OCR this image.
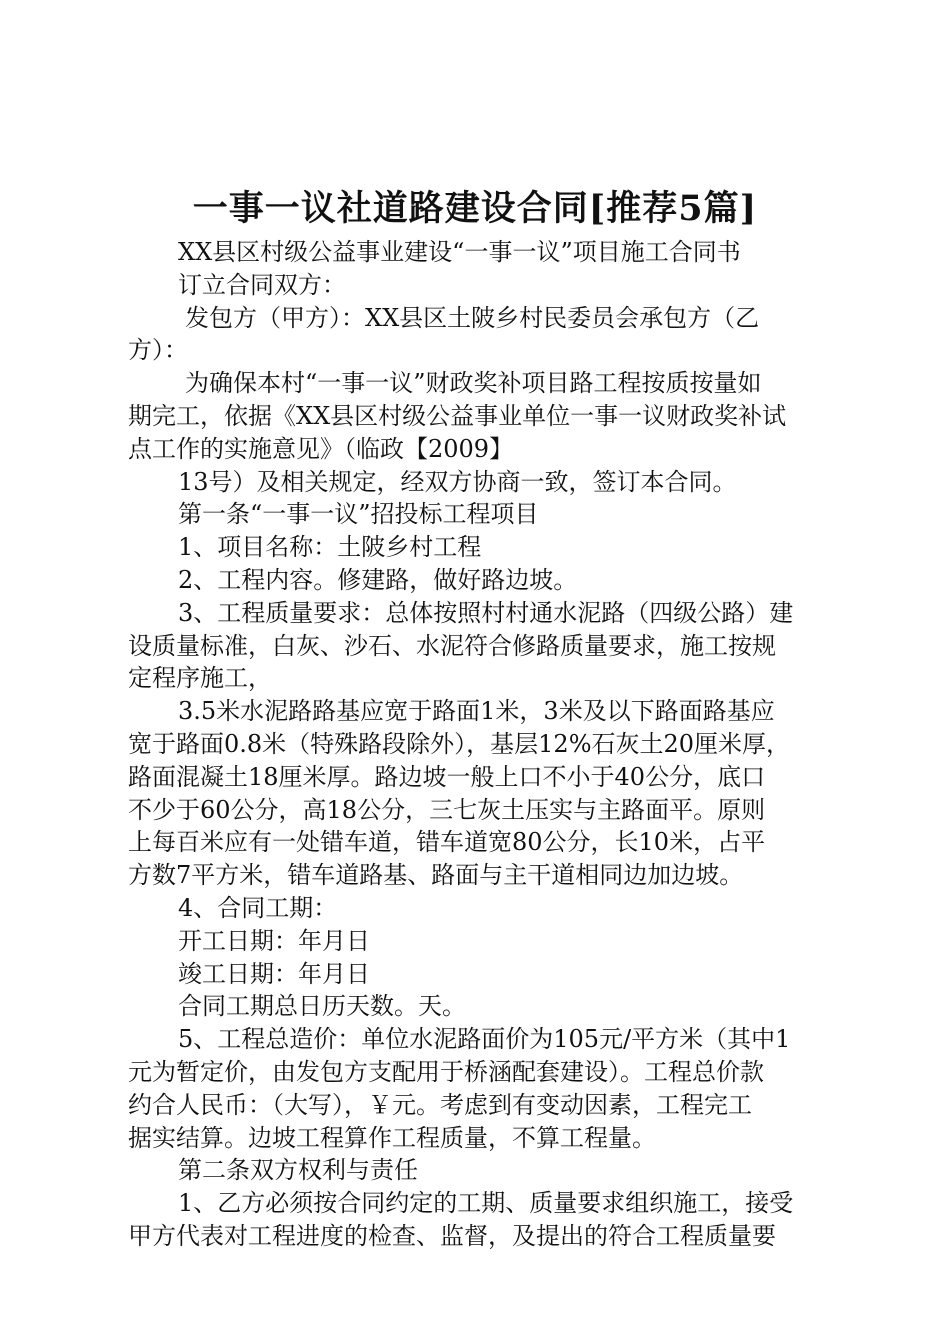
一事一议社道路建设合同[推荐5篇]

XX县区村级公益事业建设“一事一议”项目施工合同书

订立合同双方：

发包方（甲方）：XX县区土陂乡村民委员会承包方（乙
方）：

为确保本村“一事一议”财政奖补项目路工程按质按量如
期完工，依据《XX县区村级公益事业单位一事一议财政奖补试
点工作的实施意见》（临政【2009】

13号）及相关规定，经双方协商一致，签订本合同。

第一条“一事一议”招投标工程项目

1、项目名称：土陂乡村工程

2、工程内容。修建路，做好路边坡。

3、工程质量要求：总体按照村村通水泥路（四级公路）建
设质量标准，白灰、沙石、水泥符合修路质量要求，施工按规
定程序施工，

3.5米水泥路路基应宽于路面1米，3米及以下路面路基应
宽于路面0.8米（特殊路段除外），基层12%石灰土20厘米厚，
路面混凝土18厘米厚。路边坡一般上口不小于40公分，底口
不少于60公分，高18公分，三七灰土压实与主路面平。原则
上每百米应有一处错车道，错车道宽80公分，长10米，占平
方数7平方米，错车道路基、路面与主干道相同边加边坡。

4、合同工期：

开工日期：年月日

竣工日期：年月日

合同工期总日历天数。天。

5、工程总造价：单位水泥路面价为105元/平方米（其中1
元为暂定价，由发包方支配用于桥涵配套建设）。工程总价款
约合人民币：（大写），￥元。考虑到有变动因素，工程完工
据实结算。边坡工程算作工程质量，不算工程量。

第二条双方权利与责任

1、乙方必须按合同约定的工期、质量要求组织施工，接受
甲方代表对工程进度的检查、监督，及提出的符合工程质量要
